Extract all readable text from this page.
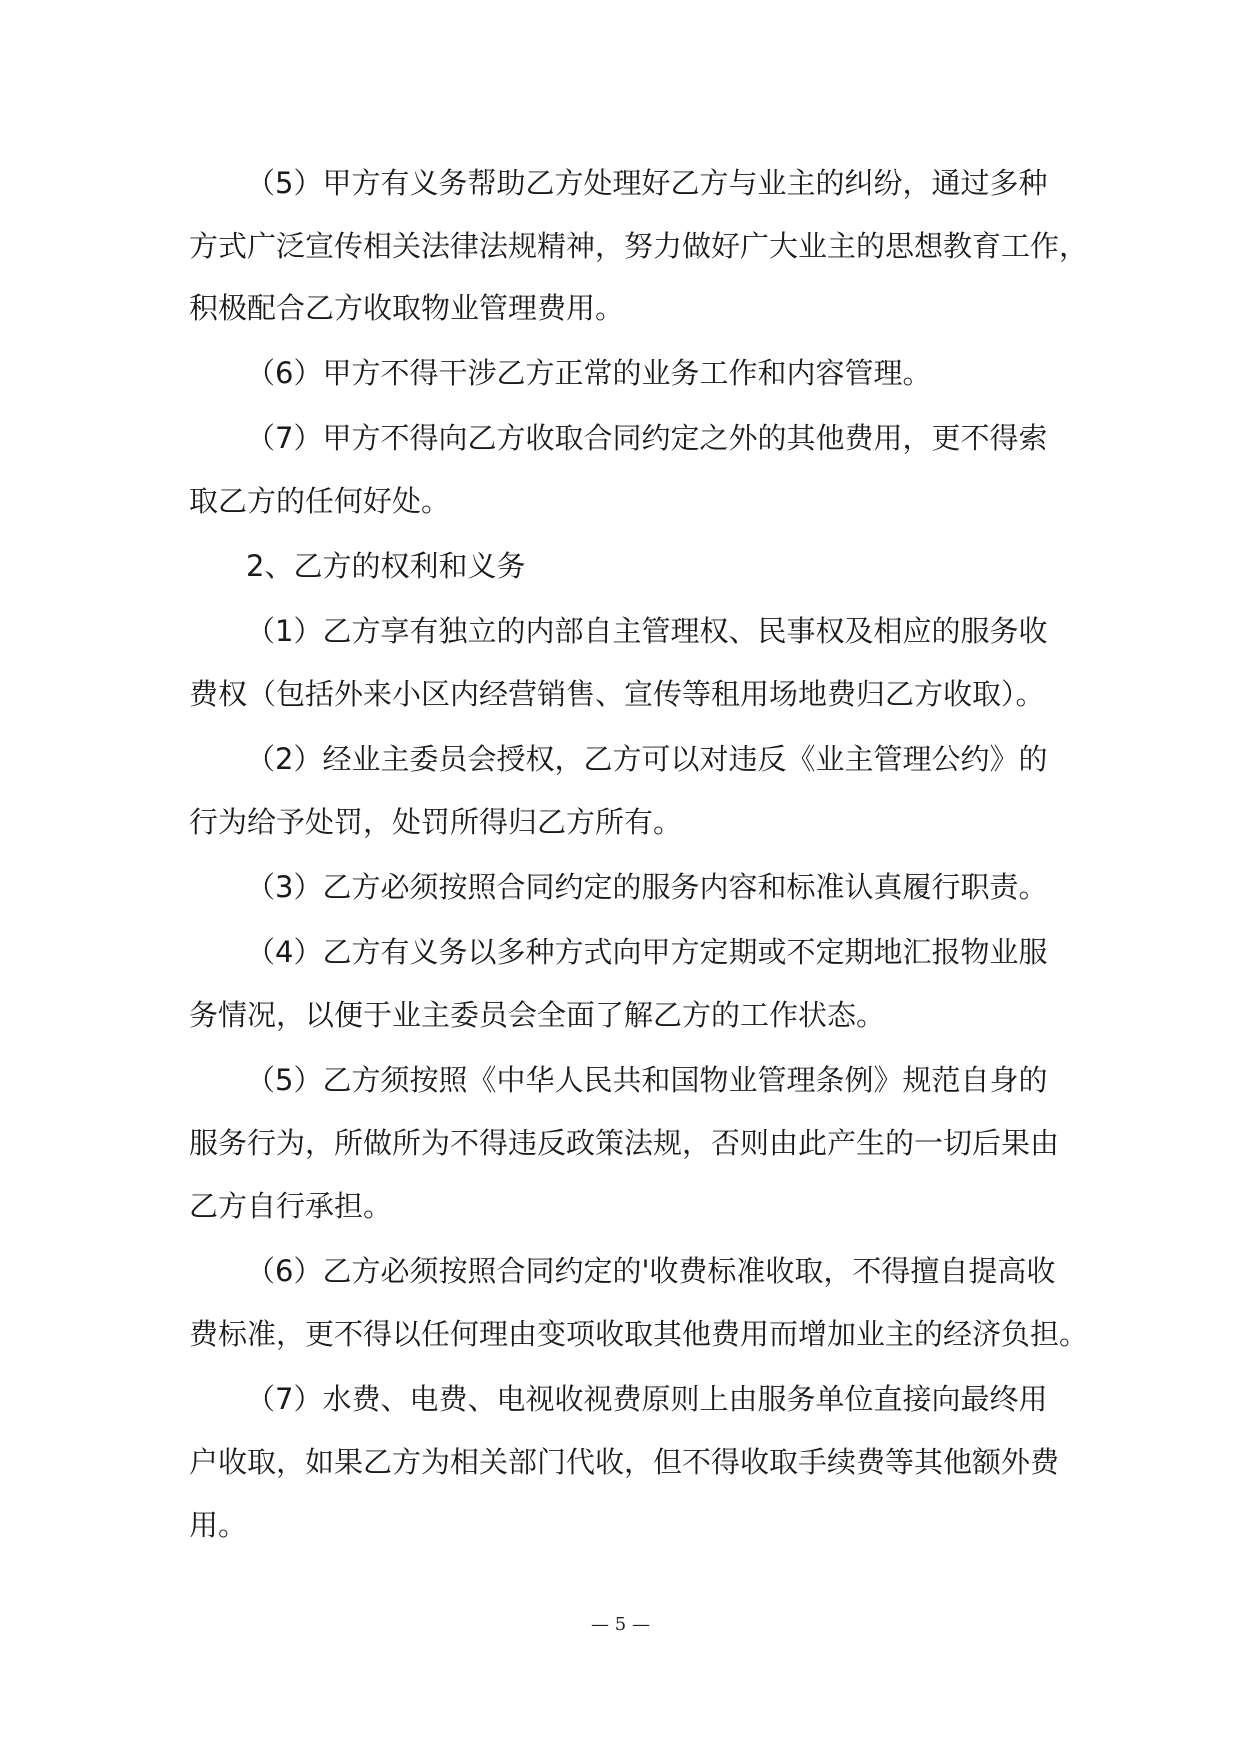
（5）甲方有义务帮助乙方处理好乙方与业主的纠纷，通过多种
方式广泛宣传相关法律法规精神，努力做好广大业主的思想教育工作，
积极配合乙方收取物业管理费用。
（6）甲方不得干涉乙方正常的业务工作和内容管理。
（7）甲方不得向乙方收取合同约定之外的其他费用，更不得索
取乙方的任何好处。
2、乙方的权利和义务
（1）乙方享有独立的内部自主管理权、民事权及相应的服务收
费权（包括外来小区内经营销售、宣传等租用场地费归乙方收取）。
（2）经业主委员会授权，乙方可以对违反《业主管理公约》的
行为给予处罚，处罚所得归乙方所有。
（3）乙方必须按照合同约定的服务内容和标准认真履行职责。
（4）乙方有义务以多种方式向甲方定期或不定期地汇报物业服
务情况，以便于业主委员会全面了解乙方的工作状态。
（5）乙方须按照《中华人民共和国物业管理条例》规范自身的
服务行为，所做所为不得违反政策法规，否则由此产生的一切后果由
乙方自行承担。
（6）乙方必须按照合同约定的'收费标准收取，不得擅自提高收
费标准，更不得以任何理由变项收取其他费用而增加业主的经济负担。
（7）水费、电费、电视收视费原则上由服务单位直接向最终用
户收取，如果乙方为相关部门代收，但不得收取手续费等其他额外费
用。
— 5 —
